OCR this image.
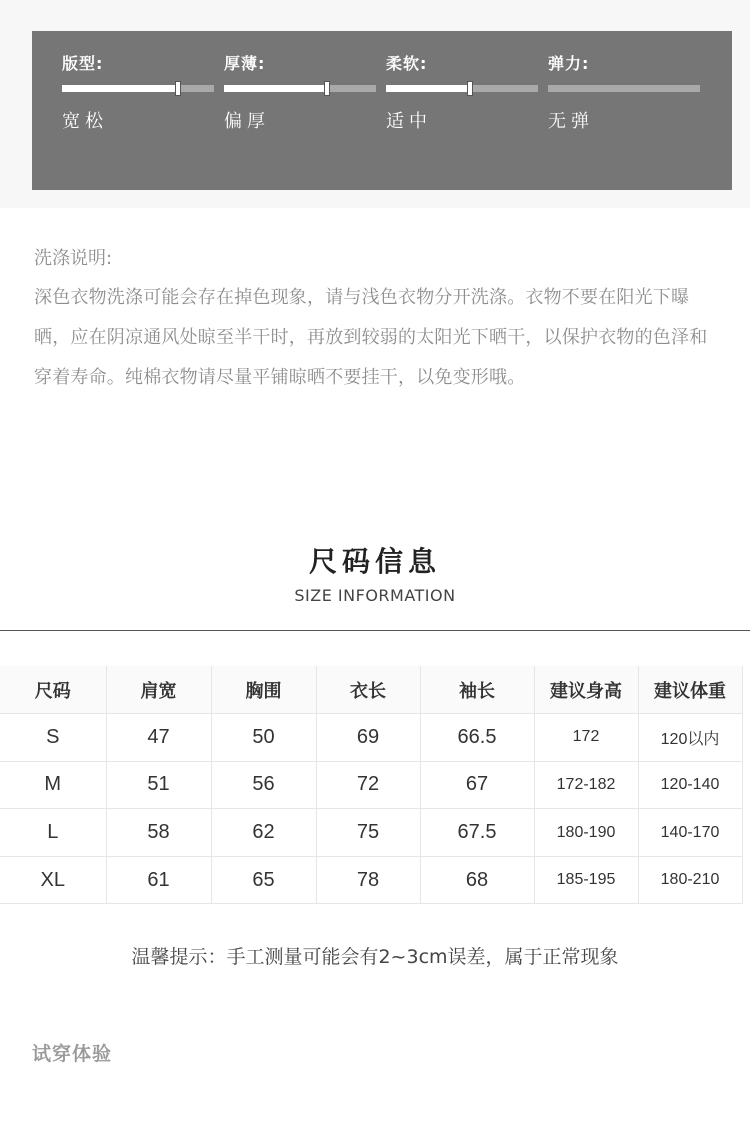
版型:
宽松
厚薄:
偏厚
柔软:
适中
弹力:
无弹
洗涤说明:
深色衣物洗涤可能会存在掉色现象，请与浅色衣物分开洗涤。衣物不要在阳光下曝晒，应在阴凉通风处晾至半干时，再放到较弱的太阳光下晒干，以保护衣物的色泽和穿着寿命。纯棉衣物请尽量平铺晾晒不要挂干，以免变形哦。
尺码信息
SIZE INFORMATION
尺码	肩宽	胸围	衣长	袖长	建议身高	建议体重
S	47	50	69	66.5	172	120以内
M	51	56	72	67	172-182	120-140
L	58	62	75	67.5	180-190	140-170
XL	61	65	78	68	185-195	180-210
温馨提示：手工测量可能会有2~3cm误差，属于正常现象
试穿体验
